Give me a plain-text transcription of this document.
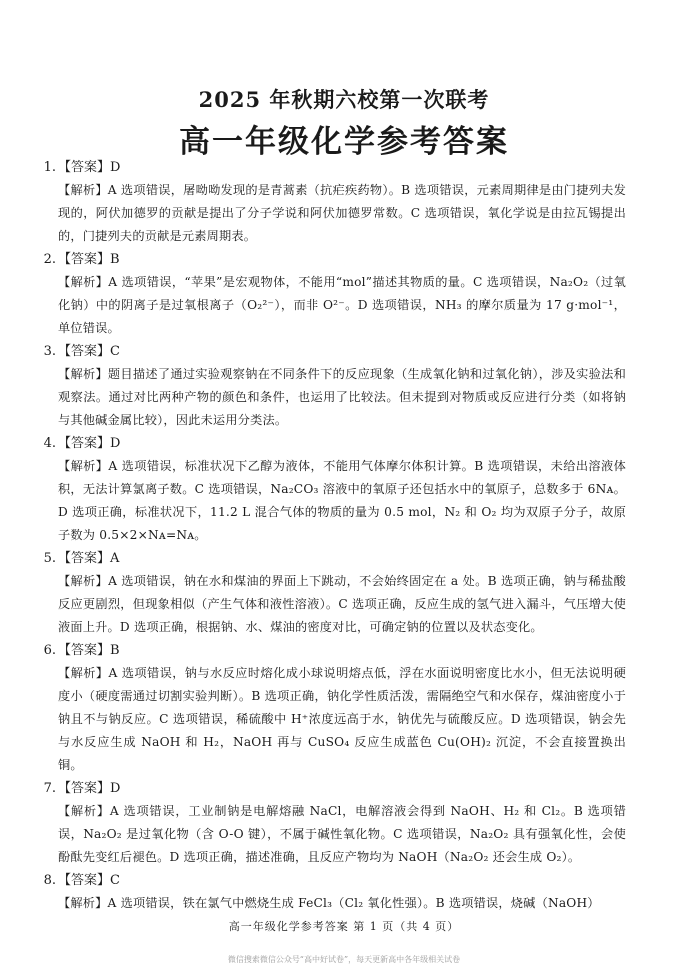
2025 年秋期六校第一次联考
高一年级化学参考答案
1. 【答案】D
【解析】A 选项错误，屠呦呦发现的是青蒿素（抗疟疾药物）。B 选项错误，元素周期律是由门捷列夫发现的，阿伏加德罗的贡献是提出了分子学说和阿伏加德罗常数。C 选项错误，氧化学说是由拉瓦锡提出的，门捷列夫的贡献是元素周期表。
2. 【答案】B
【解析】A 选项错误，“苹果”是宏观物体，不能用“mol”描述其物质的量。C 选项错误，Na₂O₂（过氧化钠）中的阴离子是过氧根离子（O₂²⁻），而非 O²⁻。D 选项错误，NH₃ 的摩尔质量为 17 g·mol⁻¹，单位错误。
3. 【答案】C
【解析】题目描述了通过实验观察钠在不同条件下的反应现象（生成氧化钠和过氧化钠），涉及实验法和观察法。通过对比两种产物的颜色和条件，也运用了比较法。但未提到对物质或反应进行分类（如将钠与其他碱金属比较），因此未运用分类法。
4. 【答案】D
【解析】A 选项错误，标准状况下乙醇为液体，不能用气体摩尔体积计算。B 选项错误，未给出溶液体积，无法计算氯离子数。C 选项错误，Na₂CO₃ 溶液中的氧原子还包括水中的氧原子，总数多于 6Nᴀ。D 选项正确，标准状况下，11.2 L 混合气体的物质的量为 0.5 mol，N₂ 和 O₂ 均为双原子分子，故原子数为 0.5×2×Nᴀ=Nᴀ。
5. 【答案】A
【解析】A 选项错误，钠在水和煤油的界面上下跳动，不会始终固定在 a 处。B 选项正确，钠与稀盐酸反应更剧烈，但现象相似（产生气体和液性溶液）。C 选项正确，反应生成的氢气进入漏斗，气压增大使液面上升。D 选项正确，根据钠、水、煤油的密度对比，可确定钠的位置以及状态变化。
6. 【答案】B
【解析】A 选项错误，钠与水反应时熔化成小球说明熔点低，浮在水面说明密度比水小，但无法说明硬度小（硬度需通过切割实验判断）。B 选项正确，钠化学性质活泼，需隔绝空气和水保存，煤油密度小于钠且不与钠反应。C 选项错误，稀硫酸中 H⁺浓度远高于水，钠优先与硫酸反应。D 选项错误，钠会先与水反应生成 NaOH 和 H₂，NaOH 再与 CuSO₄ 反应生成蓝色 Cu(OH)₂ 沉淀，不会直接置换出铜。
7. 【答案】D
【解析】A 选项错误，工业制钠是电解熔融 NaCl，电解溶液会得到 NaOH、H₂ 和 Cl₂。B 选项错误，Na₂O₂ 是过氧化物（含 O-O 键），不属于碱性氧化物。C 选项错误，Na₂O₂ 具有强氧化性，会使酚酞先变红后褪色。D 选项正确，描述准确，且反应产物均为 NaOH（Na₂O₂ 还会生成 O₂）。
8. 【答案】C
【解析】A 选项错误，铁在氯气中燃烧生成 FeCl₃（Cl₂ 氧化性强）。B 选项错误，烧碱（NaOH）
高一年级化学参考答案 第 1 页（共 4 页）
微信搜索微信公众号“高中好试卷”，每天更新高中各年级相关试卷
